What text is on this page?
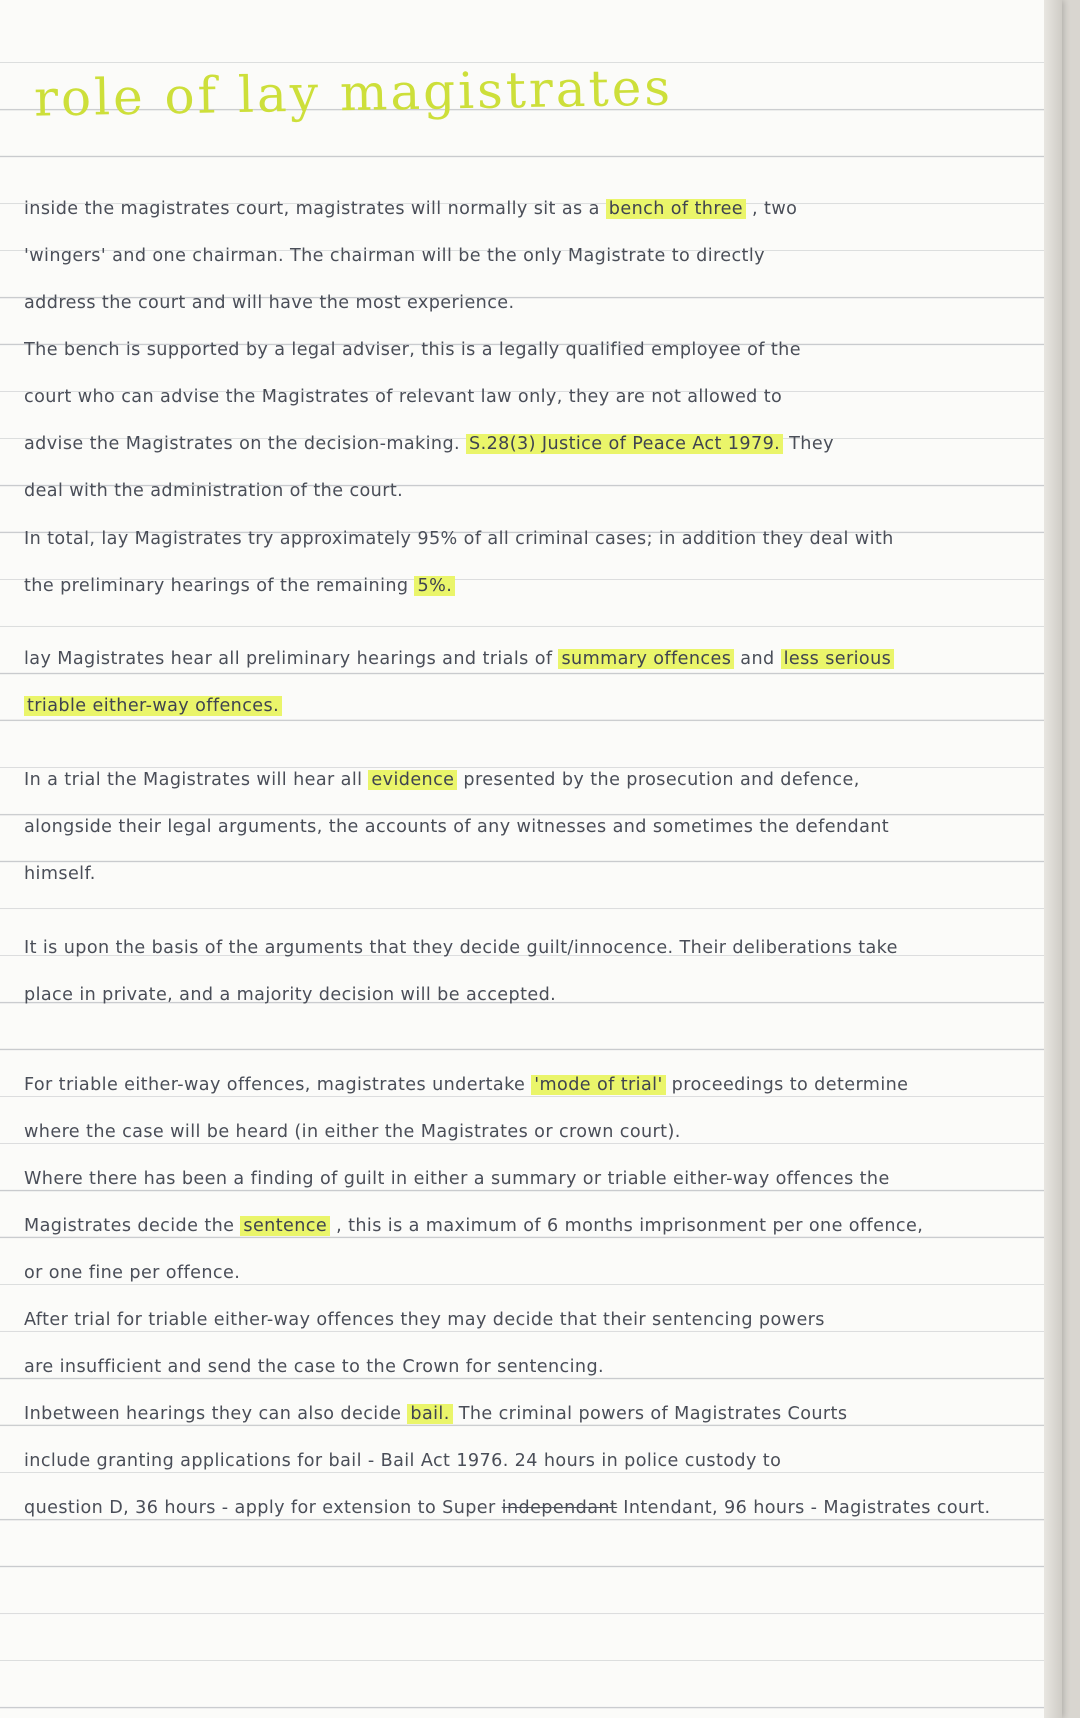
role of lay magistrates
inside the magistrates court, magistrates will normally sit as a bench of three , two
'wingers' and one chairman. The chairman will be the only Magistrate to directly
address the court and will have the most experience.
The bench is supported by a legal adviser, this is a legally qualified employee of the
court who can advise the Magistrates of relevant law only, they are not allowed to
advise the Magistrates on the decision-making. S.28(3) Justice of Peace Act 1979. They
deal with the administration of the court.
In total, lay Magistrates try approximately 95% of all criminal cases; in addition they deal with
the preliminary hearings of the remaining 5%.
lay Magistrates hear all preliminary hearings and trials of summary offences and less serious
triable either-way offences.
In a trial the Magistrates will hear all evidence presented by the prosecution and defence,
alongside their legal arguments, the accounts of any witnesses and sometimes the defendant
himself.
It is upon the basis of the arguments that they decide guilt/innocence. Their deliberations take
place in private, and a majority decision will be accepted.
For triable either-way offences, magistrates undertake 'mode of trial' proceedings to determine
where the case will be heard (in either the Magistrates or crown court).
Where there has been a finding of guilt in either a summary or triable either-way offences the
Magistrates decide the sentence , this is a maximum of 6 months imprisonment per one offence,
or one fine per offence.
After trial for triable either-way offences they may decide that their sentencing powers
are insufficient and send the case to the Crown for sentencing.
Inbetween hearings they can also decide bail. The criminal powers of Magistrates Courts
include granting applications for bail - Bail Act 1976. 24 hours in police custody to
question D, 36 hours - apply for extension to Super independant Intendant, 96 hours - Magistrates court.
